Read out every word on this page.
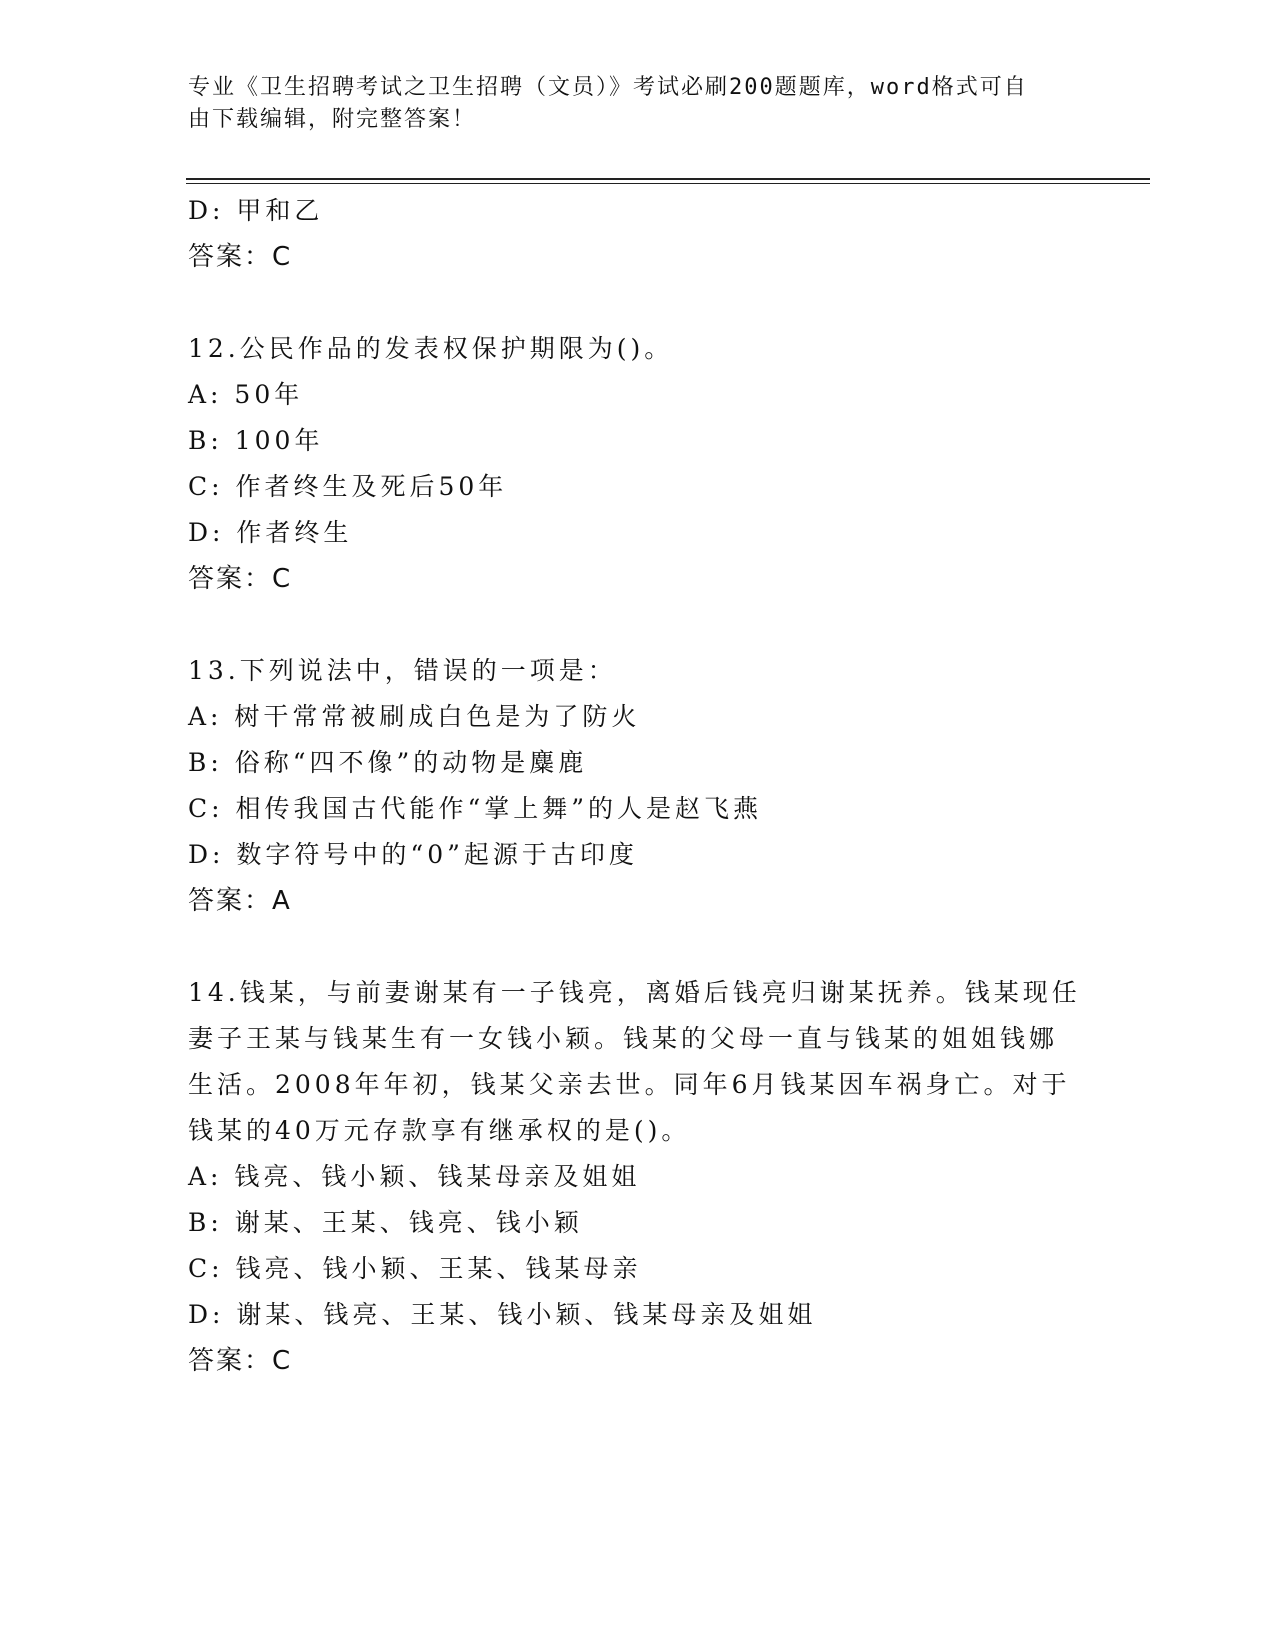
专业《卫生招聘考试之卫生招聘（文员）》考试必刷200题题库，word格式可自
由下载编辑，附完整答案！
D: 甲和乙
答案：C
12.公民作品的发表权保护期限为()。
A: 50年
B: 100年
C: 作者终生及死后50年
D: 作者终生
答案：C
13.下列说法中，错误的一项是：
A: 树干常常被刷成白色是为了防火
B: 俗称“四不像”的动物是麋鹿
C: 相传我国古代能作“掌上舞”的人是赵飞燕
D: 数字符号中的“0”起源于古印度
答案：A
14.钱某，与前妻谢某有一子钱亮，离婚后钱亮归谢某抚养。钱某现任
妻子王某与钱某生有一女钱小颖。钱某的父母一直与钱某的姐姐钱娜
生活。2008年年初，钱某父亲去世。同年6月钱某因车祸身亡。对于
钱某的40万元存款享有继承权的是()。
A: 钱亮、钱小颖、钱某母亲及姐姐
B: 谢某、王某、钱亮、钱小颖
C: 钱亮、钱小颖、王某、钱某母亲
D: 谢某、钱亮、王某、钱小颖、钱某母亲及姐姐
答案：C
